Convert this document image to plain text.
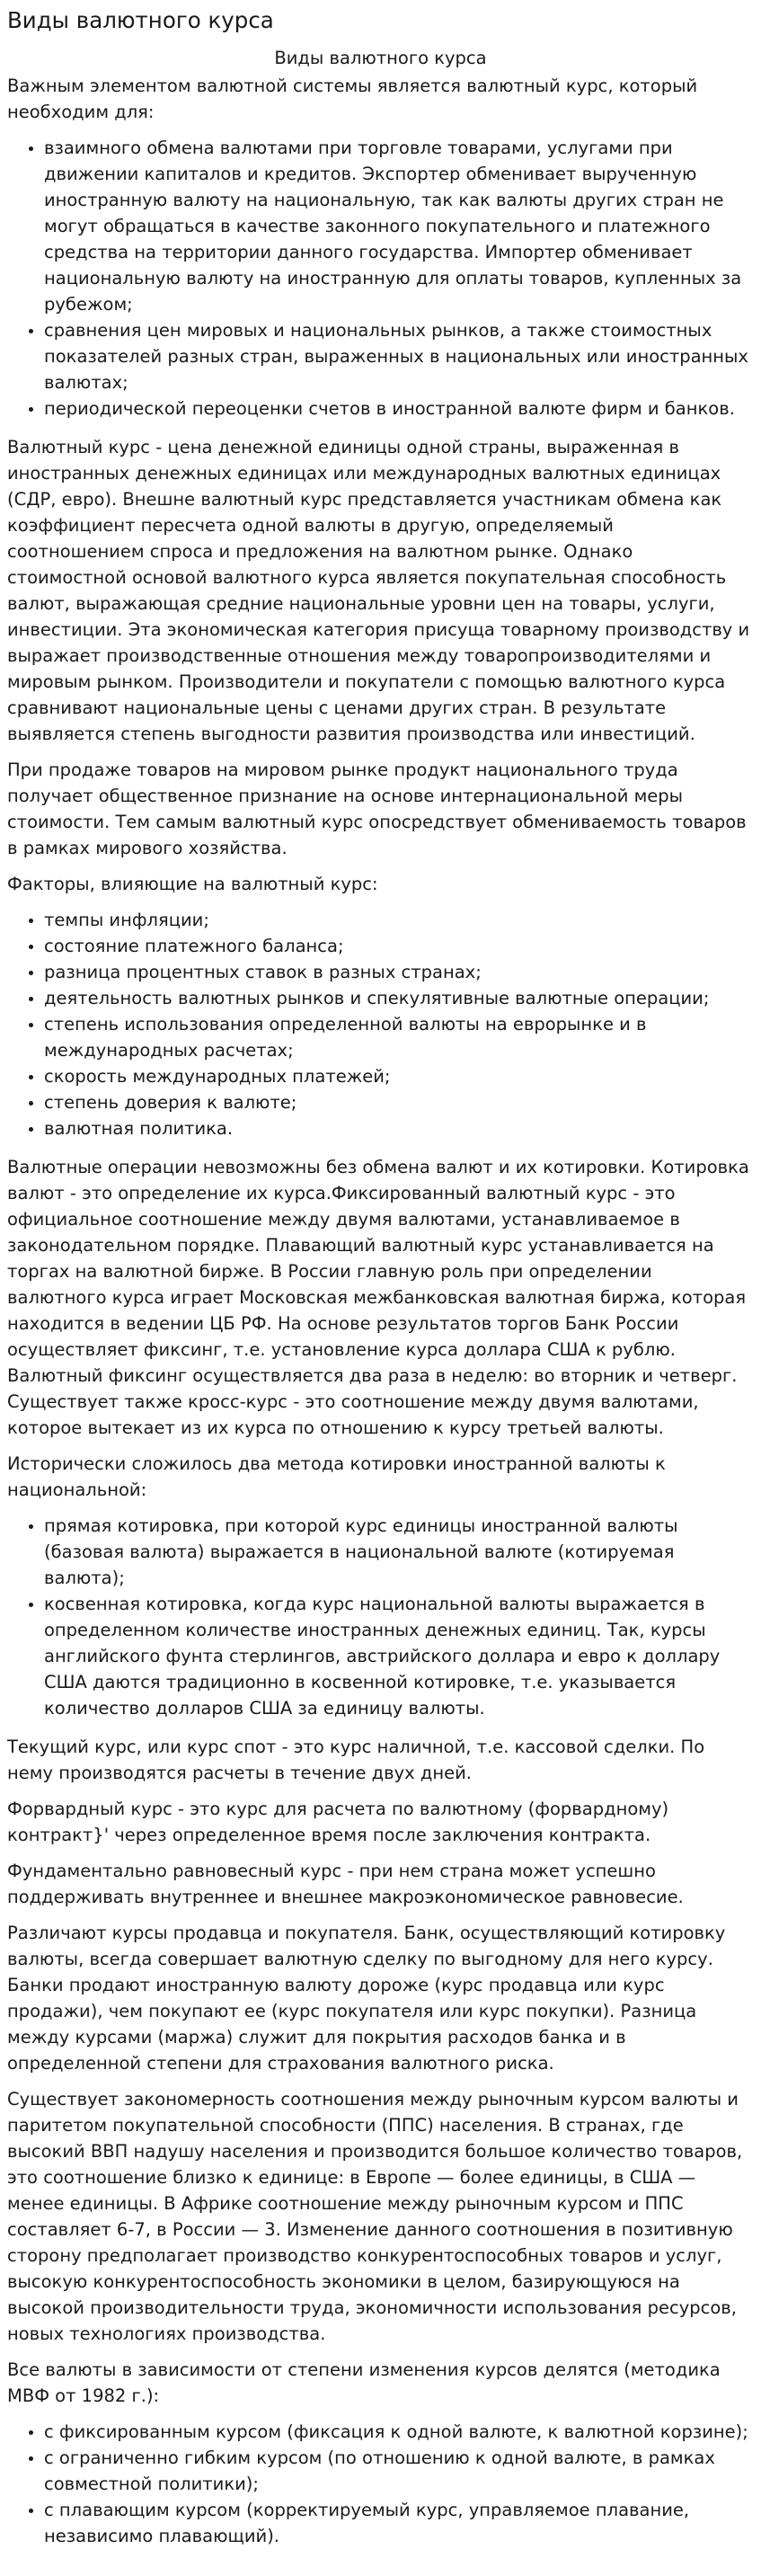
Виды валютного курса
Виды валютного курса

Важным элементом валютной системы является валютный курс, который необходим для:

• взаимного обмена валютами при торговле товарами, услугами при движении капиталов и кредитов. Экспортер обменивает вырученную иностранную валюту на национальную, так как валюты других стран не могут обращаться в качестве законного покупательного и платежного средства на территории данного государства. Импортер обменивает национальную валюту на иностранную для оплаты товаров, купленных за рубежом;
• сравнения цен мировых и национальных рынков, а также стоимостных показателей разных стран, выраженных в национальных или иностранных валютах;
• периодической переоценки счетов в иностранной валюте фирм и банков.

Валютный курс - цена денежной единицы одной страны, выраженная в иностранных денежных единицах или международных валютных единицах (СДР, евро). Внешне валютный курс представляется участникам обмена как коэффициент пересчета одной валюты в другую, определяемый соотношением спроса и предложения на валютном рынке. Однако стоимостной основой валютного курса является покупательная способность валют, выражающая средние национальные уровни цен на товары, услуги, инвестиции. Эта экономическая категория присуща товарному производству и выражает производственные отношения между товаропроизводителями и мировым рынком. Производители и покупатели с помощью валютного курса сравнивают национальные цены с ценами других стран. В результате выявляется степень выгодности развития производства или инвестиций.

При продаже товаров на мировом рынке продукт национального труда получает общественное признание на основе интернациональной меры стоимости. Тем самым валютный курс опосредствует обмениваемость товаров в рамках мирового хозяйства.

Факторы, влияющие на валютный курс:

• темпы инфляции;
• состояние платежного баланса;
• разница процентных ставок в разных странах;
• деятельность валютных рынков и спекулятивные валютные операции;
• степень использования определенной валюты на еврорынке и в международных расчетах;
• скорость международных платежей;
• степень доверия к валюте;
• валютная политика.

Валютные операции невозможны без обмена валют и их котировки. Котировка валют - это определение их курса.Фиксированный валютный курс - это официальное соотношение между двумя валютами, устанавливаемое в законодательном порядке. Плавающий валютный курс устанавливается на торгах на валютной бирже. В России главную роль при определении валютного курса играет Московская межбанковская валютная биржа, которая находится в ведении ЦБ РФ. На основе результатов торгов Банк России осуществляет фиксинг, т.е. установление курса доллара США к рублю. Валютный фиксинг осуществляется два раза в неделю: во вторник и четверг. Существует также кросс-курс - это соотношение между двумя валютами, которое вытекает из их курса по отношению к курсу третьей валюты.

Исторически сложилось два метода котировки иностранной валюты к национальной:

• прямая котировка, при которой курс единицы иностранной валюты (базовая валюта) выражается в национальной валюте (котируемая валюта);
• косвенная котировка, когда курс национальной валюты выражается в определенном количестве иностранных денежных единиц. Так, курсы английского фунта стерлингов, австрийского доллара и евро к доллару США даются традиционно в косвенной котировке, т.е. указывается количество долларов США за единицу валюты.

Текущий курс, или курс спот - это курс наличной, т.е. кассовой сделки. По нему производятся расчеты в течение двух дней.

Форвардный курс - это курс для расчета по валютному (форвардному) контракт}' через определенное время после заключения контракта.

Фундаментально равновесный курс - при нем страна может успешно поддерживать внутреннее и внешнее макроэкономическое равновесие.

Различают курсы продавца и покупателя. Банк, осуществляющий котировку валюты, всегда совершает валютную сделку по выгодному для него курсу. Банки продают иностранную валюту дороже (курс продавца или курс продажи), чем покупают ее (курс покупателя или курс покупки). Разница между курсами (маржа) служит для покрытия расходов банка и в определенной степени для страхования валютного риска.

Существует закономерность соотношения между рыночным курсом валюты и паритетом покупательной способности (ППС) населения. В странах, где высокий ВВП надушу населения и производится большое количество товаров, это соотношение близко к единице: в Европе — более единицы, в США — менее единицы. В Африке соотношение между рыночным курсом и ППС составляет 6-7, в России — 3. Изменение данного соотношения в позитивную сторону предполагает производство конкурентоспособных товаров и услуг, высокую конкурентоспособность экономики в целом, базирующуюся на высокой производительности труда, экономичности использования ресурсов, новых технологиях производства.

Все валюты в зависимости от степени изменения курсов делятся (методика МВФ от 1982 г.):

• с фиксированным курсом (фиксация к одной валюте, к валютной корзине);
• с ограниченно гибким курсом (по отношению к одной валюте, в рамках совместной политики);
• с плавающим курсом (корректируемый курс, управляемое плавание, независимо плавающий).
